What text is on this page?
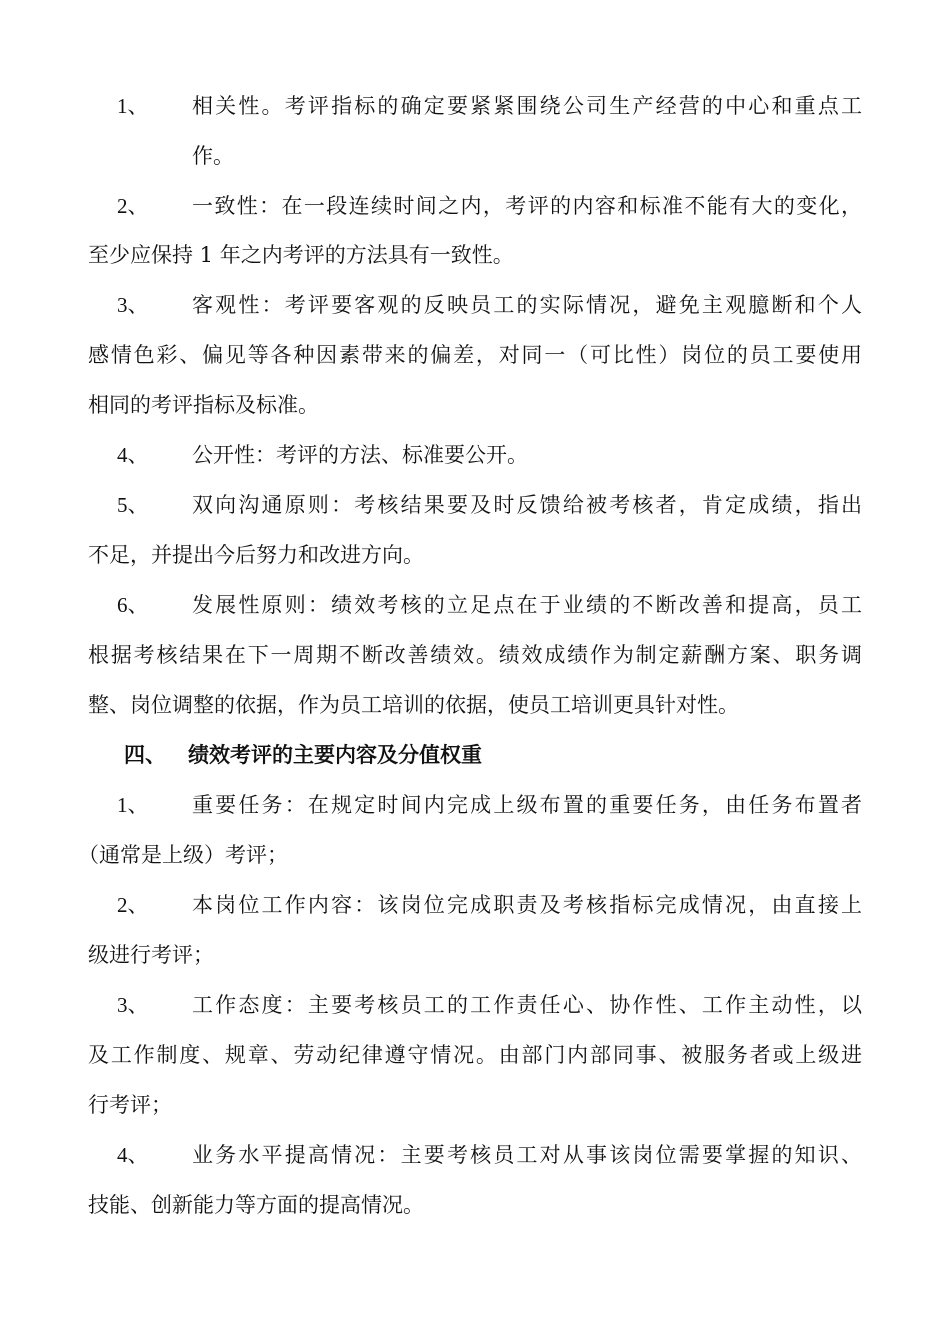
1、 相关性。考评指标的确定要紧紧围绕公司生产经营的中心和重点工
作。
2、 一致性：在一段连续时间之内，考评的内容和标准不能有大的变化，
至少应保持 1 年之内考评的方法具有一致性。
3、 客观性：考评要客观的反映员工的实际情况，避免主观臆断和个人
感情色彩、偏见等各种因素带来的偏差，对同一（可比性）岗位的员工要使用
相同的考评指标及标准。
4、 公开性：考评的方法、标准要公开。
5、 双向沟通原则：考核结果要及时反馈给被考核者，肯定成绩，指出
不足，并提出今后努力和改进方向。
6、 发展性原则：绩效考核的立足点在于业绩的不断改善和提高，员工
根据考核结果在下一周期不断改善绩效。绩效成绩作为制定薪酬方案、职务调
整、岗位调整的依据，作为员工培训的依据，使员工培训更具针对性。
四、 绩效考评的主要内容及分值权重
1、 重要任务：在规定时间内完成上级布置的重要任务，由任务布置者
（通常是上级）考评；
2、 本岗位工作内容：该岗位完成职责及考核指标完成情况，由直接上
级进行考评；
3、 工作态度：主要考核员工的工作责任心、协作性、工作主动性，以
及工作制度、规章、劳动纪律遵守情况。由部门内部同事、被服务者或上级进
行考评；
4、 业务水平提高情况：主要考核员工对从事该岗位需要掌握的知识、
技能、创新能力等方面的提高情况。
